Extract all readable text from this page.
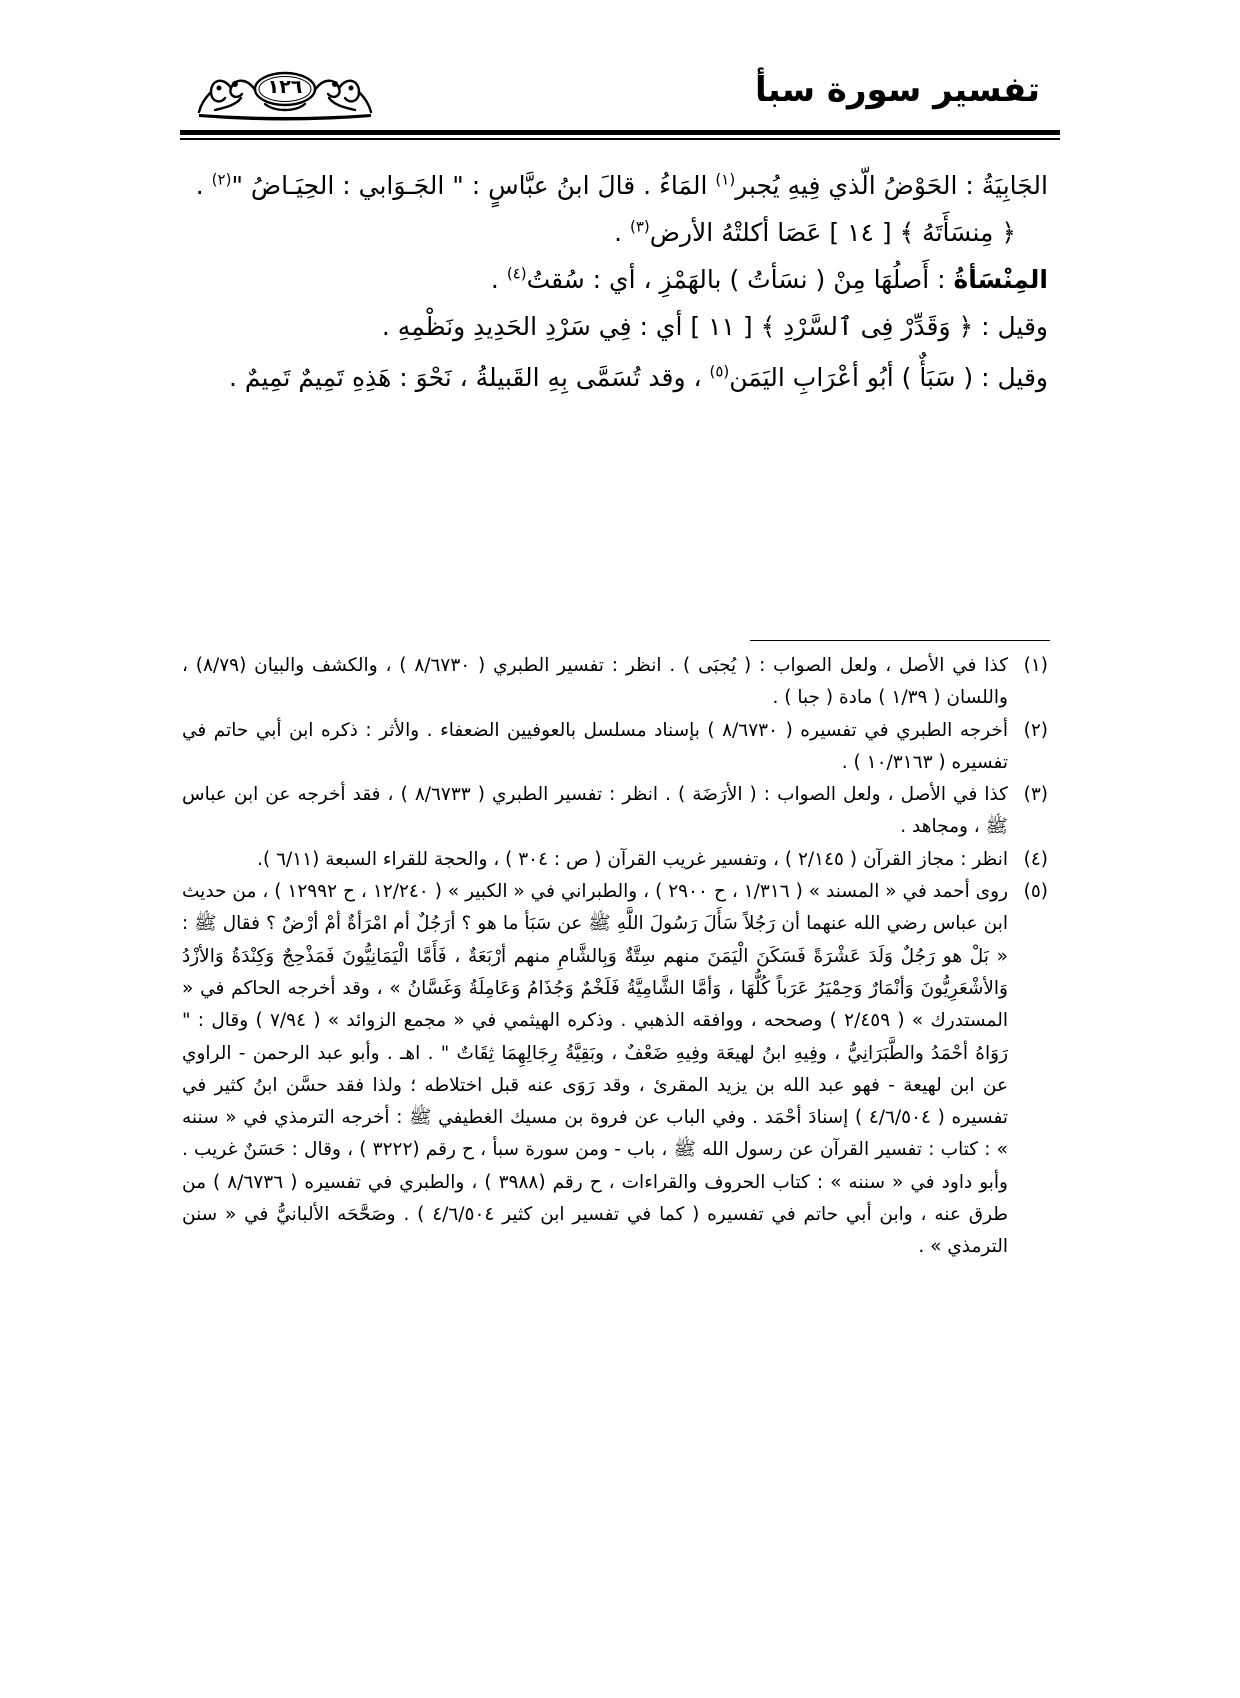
تفسير سورة سبأ
١٢٦

الجَابِيَةُ : الحَوْضُ الّذي فِيهِ يُجبر$^{(١)}$ المَاءُ . قالَ ابنُ عبَّاسٍ : " الجَـوَابي : الحِيَـاضُ "$^{(٢)}$ .

﴿ مِنسَأَتَهُ ﴾ [ ١٤ ] عَصَا أكلتْهُ الأرض$^{(٣)}$ .

المِنْسَأةُ : أَصلُهَا مِنْ ( نسَأتُ ) بالهَمْزِ ، أي : سُقتُ$^{(٤)}$ .

وقيل : ﴿ وَقَدِّرْ فِى ٱلسَّرْدِ ﴾ [ ١١ ] أي : فِي سَرْدِ الحَدِيدِ ونَظْمِهِ .

وقيل : ( سَبَأٌ ) أبُو أعْرَابِ اليَمَن$^{(٥)}$ ، وقد تُسَمَّى بِهِ القَبيلةُ ، نَحْوَ : هَذِهِ تَمِيمٌ تَمِيمٌ .

(١)
كذا في الأصل ، ولعل الصواب : ( يُجبَى ) . انظر : تفسير الطبري ( ٨/٦٧٣٠ ) ، والكشف والبيان (٨/٧٩) ، واللسان ( ١/٣٩ ) مادة ( جبا ) .
(٢)
أخرجه الطبري في تفسيره ( ٨/٦٧٣٠ ) بإسناد مسلسل بالعوفيين الضعفاء . والأثر : ذكره ابن أبي حاتم في تفسيره ( ١٠/٣١٦٣ ) .
(٣)
كذا في الأصل ، ولعل الصواب : ( الأرَضَة ) . انظر : تفسير الطبري ( ٨/٦٧٣٣ ) ، فقد أخرجه عن ابن عباس ﷺ ، ومجاهد .
(٤)
انظر : مجاز القرآن ( ٢/١٤٥ ) ، وتفسير غريب القرآن ( ص : ٣٠٤ ) ، والحجة للقراء السبعة (٦/١١ ).
(٥)
روى أحمد في « المسند » ( ١/٣١٦ ، ح ٢٩٠٠ ) ، والطبراني في « الكبير » ( ١٢/٢٤٠ ، ح ١٢٩٩٢ ) ، من حديث ابن عباس رضي الله عنهما أن رَجُلاً سَأَلَ رَسُولَ اللَّهِ ﷺ عن سَبَأ ما هو ؟ أرَجُلٌ أم امْرَأةٌ أمْ أرْضٌ ؟ فقال ﷺ : « بَلْ هو رَجُلٌ وَلَدَ عَشْرَةً فَسَكَنَ الْيَمَنَ منهم سِتَّةٌ وَبِالشَّامِ منهم أرْبَعَةٌ ، فَأَمَّا الْيَمَانِيُّونَ فَمَذْحِجٌ وَكِنْدَةُ وَالأزْدُ وَالأشْعَرِيُّونَ وَأنْمَارٌ وَحِمْيَرُ عَرَباً كُلُّهَا ، وَأمَّا الشَّامِيَّةُ فَلَخْمٌ وَجُذَامُ وَعَامِلَةُ وَغَسَّانُ » ، وقد أخرجه الحاكم في « المستدرك » ( ٢/٤٥٩ ) وصححه ، ووافقه الذهبي . وذكره الهيثمي في « مجمع الزوائد » ( ٧/٩٤ ) وقال : " رَوَاهُ أحْمَدُ والطَّبَرَانِيُّ ، وفِيهِ ابنُ لهيعَة وفِيهِ ضَعْفٌ ، وبَقِيَّةُ رِجَالِهِمَا ثِقَاتٌ " . اهـ . وأبو عبد الرحمن - الراوي عن ابن لهيعة - فهو عبد الله بن يزيد المقرئ ، وقد رَوَى عنه قبل اختلاطه ؛ ولذا فقد حسَّن ابنُ كثير في تفسيره ( ٤/٦/٥٠٤ ) إسنادَ أحْمَد . وفي الباب عن فروة بن مسيك الغطيفي ﷺ : أخرجه الترمذي في « سننه » : كتاب : تفسير القرآن عن رسول الله ﷺ ، باب - ومن سورة سبأ ، ح رقم (٣٢٢٢ ) ، وقال : حَسَنٌ غريب . وأبو داود في « سننه » : كتاب الحروف والقراءات ، ح رقم (٣٩٨٨ ) ، والطبري في تفسيره ( ٨/٦٧٣٦ ) من طرق عنه ، وابن أبي حاتم في تفسيره ( كما في تفسير ابن كثير ٤/٦/٥٠٤ ) . وصَحَّحَه الألبانيُّ في « سنن الترمذي » .
